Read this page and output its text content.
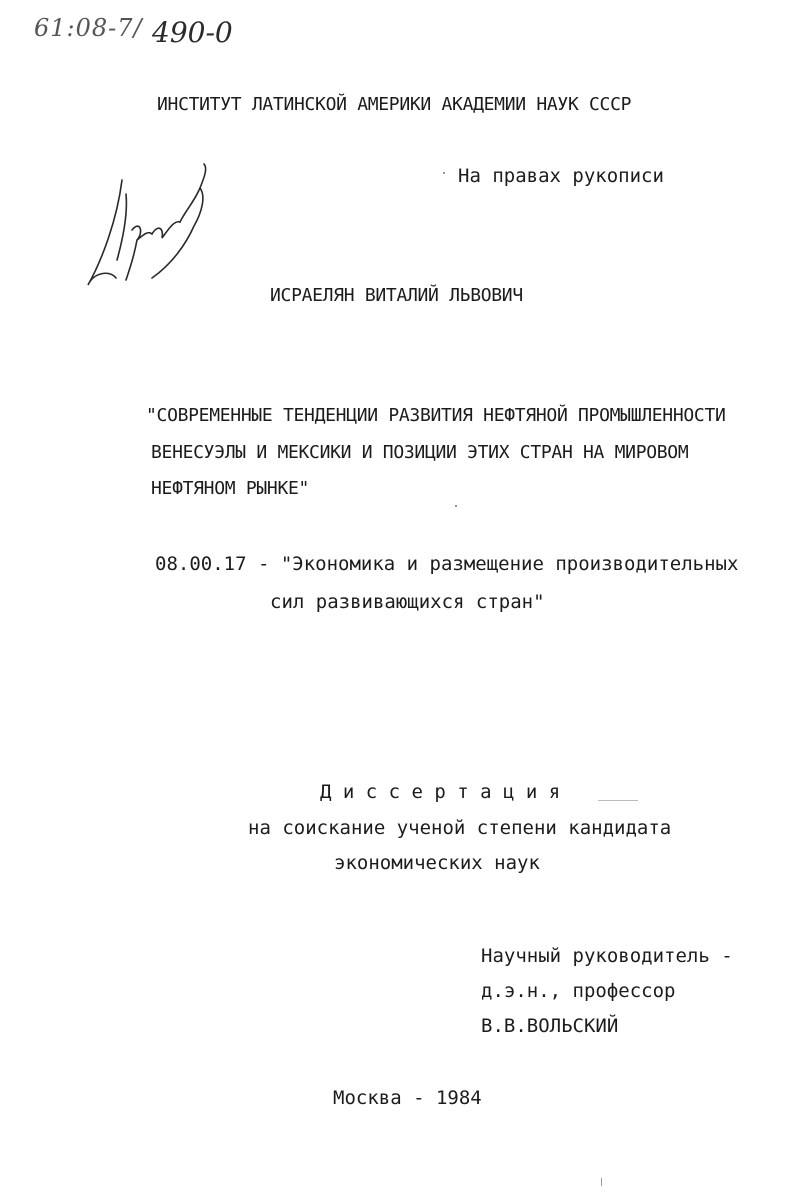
61:08-7/ 490-0
ИНСТИТУТ ЛАТИНСКОЙ АМЕРИКИ АКАДЕМИИ НАУК СССР
На правах рукописи
ИСРАЕЛЯН ВИТАЛИЙ ЛЬВОВИЧ
"СОВРЕМЕННЫЕ ТЕНДЕНЦИИ РАЗВИТИЯ НЕФТЯНОЙ ПРОМЫШЛЕННОСТИ
ВЕНЕСУЭЛЫ И МЕКСИКИ И ПОЗИЦИИ ЭТИХ СТРАН НА МИРОВОМ
НЕФТЯНОМ РЫНКЕ"
08.00.17 - "Экономика и размещение производительных
сил развивающихся стран"
Д и с с е р т а ц и я
на соискание ученой степени кандидата
экономических наук
Научный руководитель -
д.э.н., профессор
В.В.ВОЛЬСКИЙ
Москва - 1984
